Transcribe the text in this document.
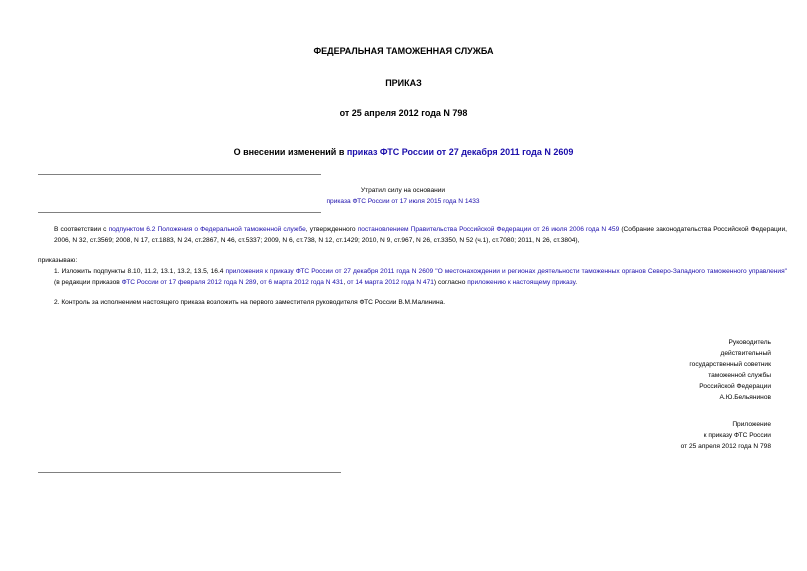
ФЕДЕРАЛЬНАЯ ТАМОЖЕННАЯ СЛУЖБА
ПРИКАЗ
от 25 апреля 2012 года N 798
О внесении изменений в приказ ФТС России от 27 декабря 2011 года N 2609
Утратил силу на основании
приказа ФТС России от 17 июля 2015 года N 1433
В соответствии с подпунктом 6.2 Положения о Федеральной таможенной службе, утвержденного постановлением Правительства Российской Федерации от 26 июля 2006 года N 459 (Собрание законодательства Российской Федерации, 2006, N 32, ст.3569; 2008, N 17, ст.1883, N 24, ст.2867, N 46, ст.5337; 2009, N 6, ст.738, N 12, ст.1429; 2010, N 9, ст.967, N 26, ст.3350, N 52 (ч.1), ст.7080; 2011, N 26, ст.3804),
приказываю:
1. Изложить подпункты 8.10, 11.2, 13.1, 13.2, 13.5, 16.4 приложения к приказу ФТС России от 27 декабря 2011 года N 2609 "О местонахождении и регионах деятельности таможенных органов Северо-Западного таможенного управления" (в редакции приказов ФТС России от 17 февраля 2012 года N 289, от 6 марта 2012 года N 431, от 14 марта 2012 года N 471) согласно приложению к настоящему приказу.
2. Контроль за исполнением настоящего приказа возложить на первого заместителя руководителя ФТС России В.М.Малинина.
Руководитель
действительный
государственный советник
таможенной службы
Российской Федерации
А.Ю.Бельянинов
Приложение
к приказу ФТС России
от 25 апреля 2012 года N 798
